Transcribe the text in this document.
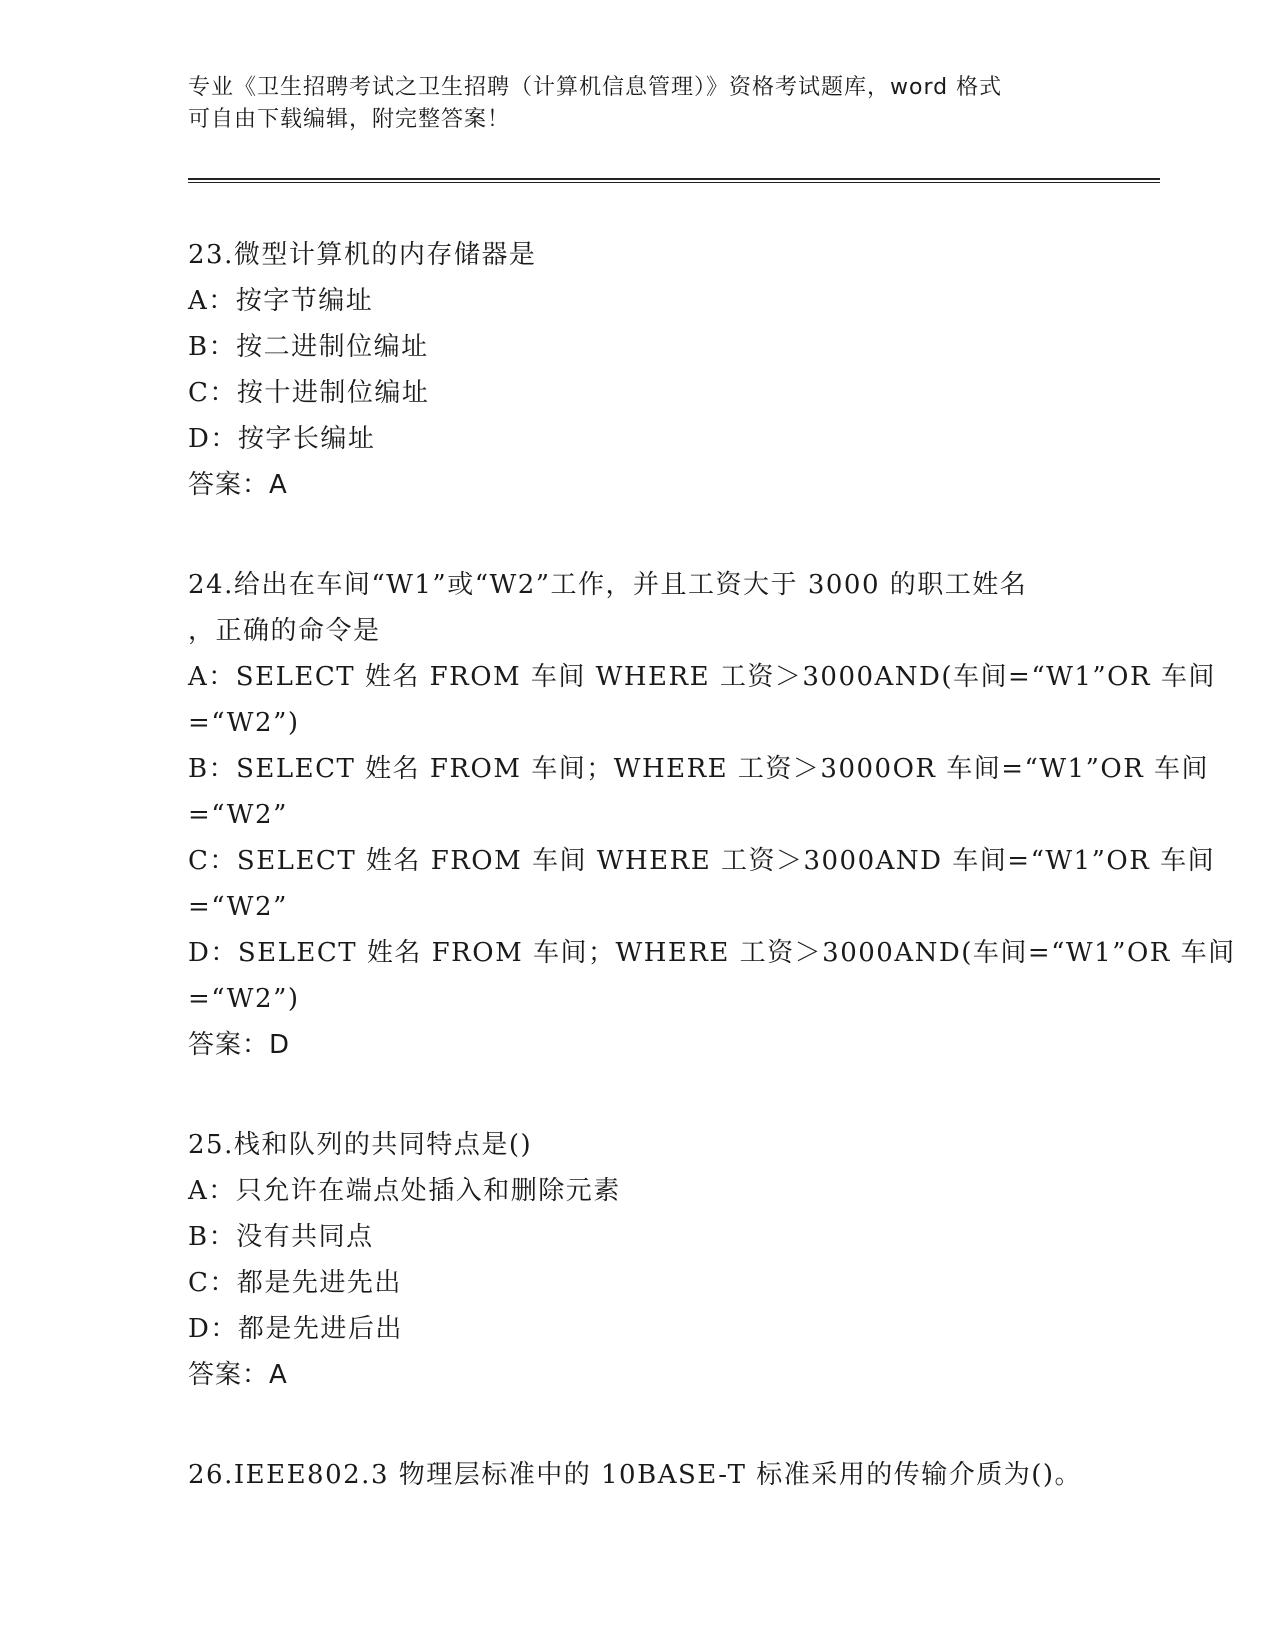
专业《卫生招聘考试之卫生招聘（计算机信息管理）》资格考试题库，word 格式
可自由下载编辑，附完整答案！
23.微型计算机的内存储器是
A：按字节编址
B：按二进制位编址
C：按十进制位编址
D：按字长编址
答案：A
24.给出在车间“W1”或“W2”工作，并且工资大于 3000 的职工姓名
，正确的命令是
A：SELECT 姓名 FROM 车间 WHERE 工资＞3000AND(车间=“W1”OR 车间
=“W2”)
B：SELECT 姓名 FROM 车间；WHERE 工资＞3000OR 车间=“W1”OR 车间
=“W2”
C：SELECT 姓名 FROM 车间 WHERE 工资＞3000AND 车间=“W1”OR 车间
=“W2”
D：SELECT 姓名 FROM 车间；WHERE 工资＞3000AND(车间=“W1”OR 车间
=“W2”)
答案：D
25.栈和队列的共同特点是()
A：只允许在端点处插入和删除元素
B：没有共同点
C：都是先进先出
D：都是先进后出
答案：A
26.IEEE802.3 物理层标准中的 10BASE-T 标准采用的传输介质为()。
